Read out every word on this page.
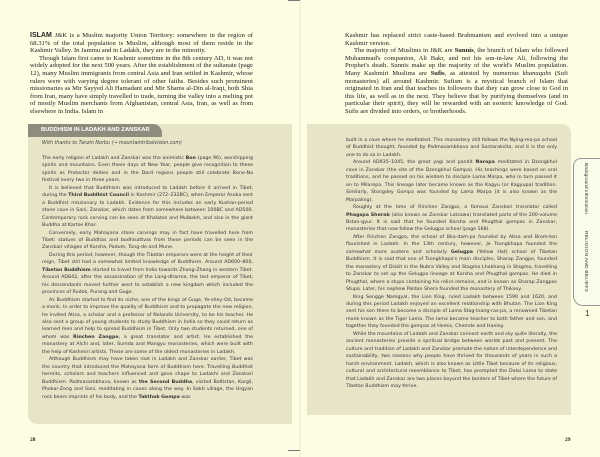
ISLAM J&K is a Muslim majority Union Territory: somewhere in the region of 68.31% of the total population is Muslim, although most of them reside in the Kashmir Valley. In Jammu and in Ladakh, they are in the minority.

Though Islam first came to Kashmir sometime in the 8th century AD, it was not widely adopted for the next 500 years. After the establishment of the sultanate (page 12), many Muslim immigrants from central Asia and Iran settled in Kashmir, whose rulers were with varying degree tolerant of other faiths. Besides such prominent missionaries as Mir Sayyed Ali Hamadani and Mir Shams al-Din al-Iraqi, both Shia from Iran, many have simply travelled to trade, turning the valley into a melting pot of mostly Muslim merchants from Afghanistan, central Asia, Iran, as well as from elsewhere in India. Islam in

BUDDHISM IN LADAKH AND ZANSKAR
With thanks to Tanzin Norbu (→ mountaintribalvision.com)

The early religion of Ladakh and Zanskar was the animistic Bon (page 96), worshipping spirits and mountains. Even these days at New Year, people give recognition to these spirits as Protector deities and in the Dard regions people still celebrate Bono-Na festival every two in three years.

It is believed that Buddhism was introduced to Ladakh before it arrived in Tibet, during the Third Buddhist Council in Kashmir (272–232BC), when Emperor Asoka sent a Buddhist missionary to Ladakh. Evidence for this includes an early Kushan-period stone cave in Sani, Zanskar, which dates from somewhere between 100BC and AD500. Contemporary rock carving can be seen at Khalatse and Mulbekh, and also in the giant Buddha at Kartse Khar.

Conversely, early Mahayana stone carvings may in fact have travelled here from Tibet: statues of Buddhas and bodhisattvas from these periods can be seen in the Zanskari villages of Karsha, Padum, Tong-de and Mune.

During this period, however, though the Tibetan emperors were at the height of their reign, Tibet still had a somewhat limited knowledge of Buddhism. Around AD600–800, Tibetan Buddhism started to travel from India towards Zhang-Zhang in western Tibet. Around AD842, after the assassination of the Lang-dharma, the last emperor of Tibet, his descendants moved further west to establish a new kingdom which included the provinces of Rudok, Purang and Guge.

As Buddhism started to find its niche, one of the kings of Guge, Ye-shey-Od, became a monk. In order to improve the quality of Buddhism and to propagate the new religion, he invited Atisa, a scholar and a professor of Nalanda University, to be his teacher. He also sent a group of young students to study Buddhism in India so they could return as learned men and help to spread Buddhism in Tibet. Only two students returned, one of whom was Rinchen Zangpo, a great translator and artist. He established the monastery at Alchi and, later, Sumda and Mangyu monasteries, which were built with the help of Kashmiri artists. These are some of the oldest monasteries in Ladakh.

Although Buddhism may have taken root in Ladakh and Zanskar earlier, Tibet was the country that introduced the Mahayana form of Buddhism here. Travelling Buddhist hermits, scholars and teachers influenced and gave shape to Ladakhi and Zanskari Buddhism. Padmasambhava, known as the Second Buddha, visited Baltistan, Kargil, Phokar-Zong and Sani, meditating in caves along the way. In Sakti village, the Urgyan rock bears imprints of his body, and the Takthok Gompa was

28

Kashmir has replaced strict caste-based Brahmanism and evolved into a unique Kashmir version.

The majority of Muslims in J&K are Sunnis, the branch of Islam who followed Muhammad's companion, Ali Bakr, and not his son-in-law Ali, following the Prophet's death. Sunnis make up the majority of the world's Muslim population. Many Kashmiri Muslims are Sufis, as attested by numerous khanaqahs (Sufi monasteries) all around Kashmir. Sufism is a mystical branch of Islam that originated in Iran and that teaches its followers that they can grow close to God in this life, as well as in the next. They believe that by purifying themselves (and in particular their spirit), they will be rewarded with an esoteric knowledge of God. Sufis are divided into orders, or brotherhoods.

built in a cave where he meditated. This monastery still follows the Nying-ma-pa school of Buddhist thought, founded by Padmasambhava and Santaraksita, and it is the only one to do so in Ladakh.

Around AD935–1045, the great yogi and pandit Naropa meditated in Dzongkhul cave in Zanskar (the site of the Dzongkhul Gompa). His teachings were based on oral traditions, and he passed on his wisdom to disciple Lama Marpa, who in turn passed it on to Milarepa. This lineage later became known as the Kagyu (or Kagyupa) tradition. Similarly, Stongdey Gompa was founded by Lama Marpa (it is also known as the Marpaling).

Roughly at the time of Rinchen Zangpo, a famous Zanskari translator called Phagspa Sherab (also known as Zanskar Lotsawa) translated parts of the 200-volume Bstan-gyur. It is said that he founded Karsha and Phugthal gompas in Zanskar, monasteries that now follow the Gelugpa school (page 168).

After Rinchen Zangpo, the school of Bka-dam-pa founded by Atisa and Brom-ton flourished in Ladakh. In the 13th century, however, Je Tsongkhapa founded the somewhat more austere and scholarly Gelugpa (Yellow Hat) school of Tibetan Buddhism. It is said that one of Tsongkhapa's main disciples, Sharap Zangpo, founded the monastery of Diskit in the Nubra Valley and Stagmo Lhakhang in Stagmo, travelling to Zanskar to set up the Gelugpa lineage at Karsha and Phugthal gompas. He died in Phugthal, where a stupa containing his relics remains, and is known as Sharap Zangpos Stupa. Later, his nephew Paldan Shera founded the monastery of Thiksey.

King Sengge Namgyal, the Lion King, ruled Ladakh between 1590 and 1620, and during this period Ladakh enjoyed an excellent relationship with Bhutan. The Lion King sent his son there to become a disciple of Lama Stag-tsang-ras-pa, a renowned Tibetan monk known as the Tiger Lama. The lama became teacher to both father and son, and together they founded the gompas at Hemis, Chemde and Hanley.

While the mountains of Ladakh and Zanskar connect earth and sky quite literally, the ancient monasteries provide a spiritual bridge between worlds past and present. The culture and tradition of Ladakh and Zanskar promote the notion of interdependence and sustainability, two reasons why people have thrived for thousands of years in such a harsh environment. Ladakh, which is also known as Little Tibet because of its religious, cultural and architectural resemblance to Tibet, has prompted the Dalai Lama to state that Ladakh and Zanskar are two places beyond the borders of Tibet where the future of Tibetan Buddhism may thrive.

29
Background Information
RELIGION AND BELIEFS
1
